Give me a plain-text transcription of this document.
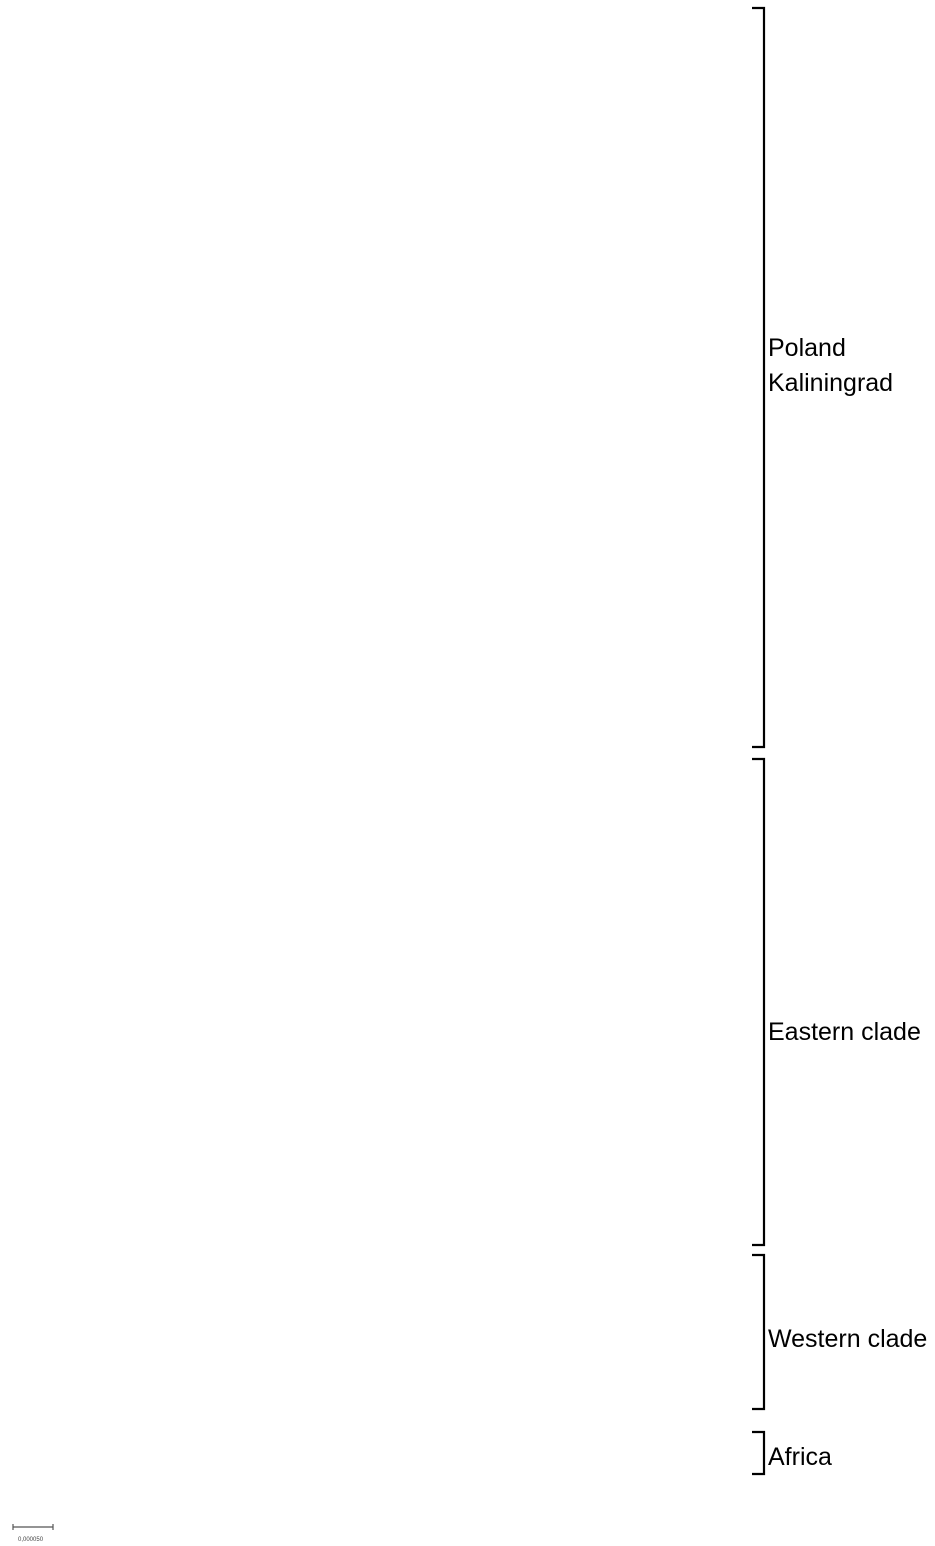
Poland
Kaliningrad
Eastern clade
Western clade
Africa
0,000050
